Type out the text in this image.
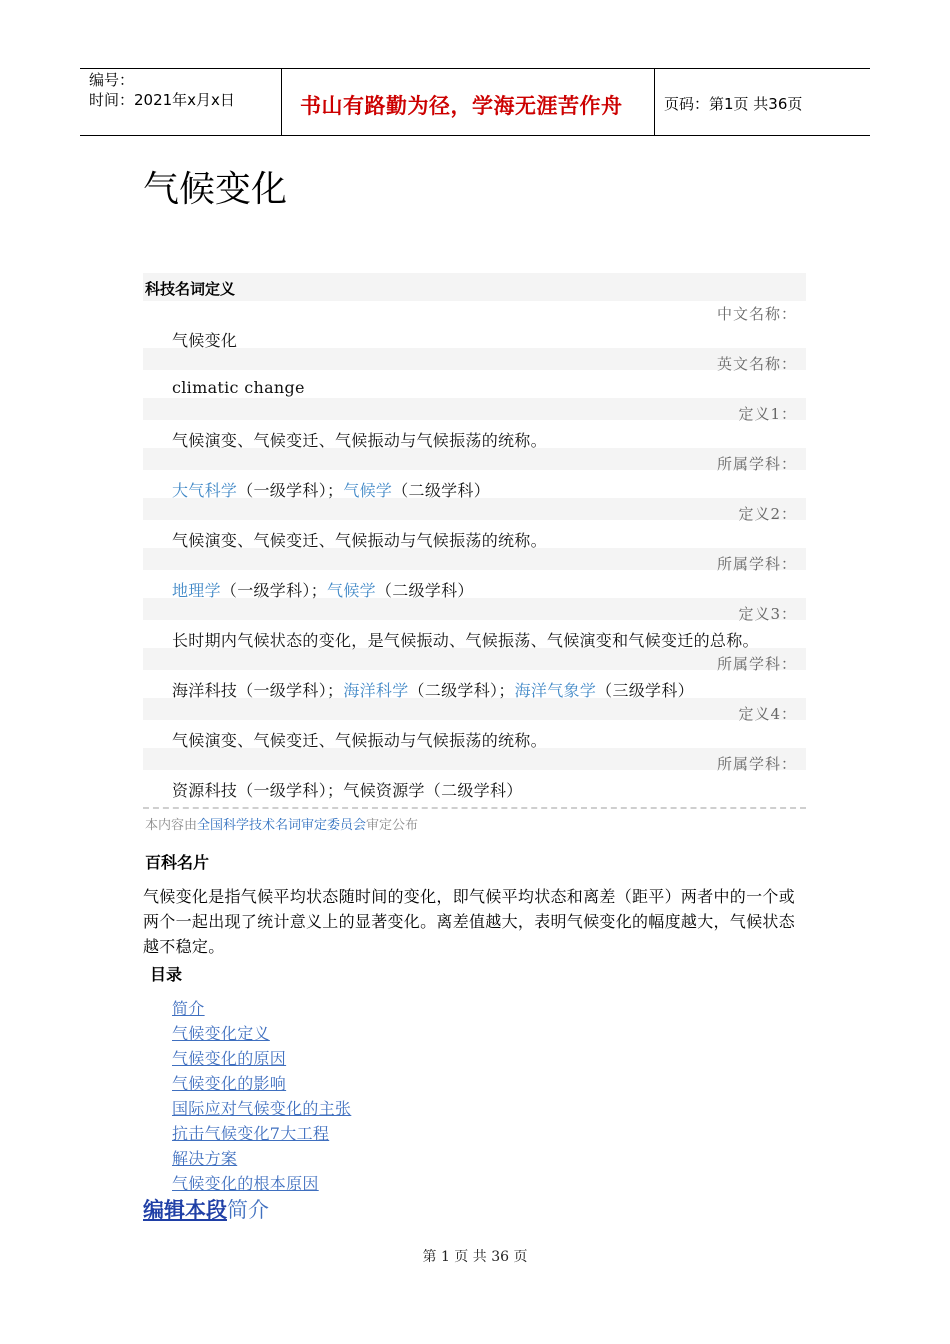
编号：
时间：2021年x月x日	书山有路勤为径，学海无涯苦作舟	页码：第1页 共36页
气候变化
科技名词定义
中文名称：
气候变化
英文名称：
climatic change
定义1：
气候演变、气候变迁、气候振动与气候振荡的统称。
所属学科：
大气科学（一级学科）；气候学（二级学科）
定义2：
气候演变、气候变迁、气候振动与气候振荡的统称。
所属学科：
地理学（一级学科）；气候学（二级学科）
定义3：
长时期内气候状态的变化，是气候振动、气候振荡、气候演变和气候变迁的总称。
所属学科：
海洋科技（一级学科）；海洋科学（二级学科）；海洋气象学（三级学科）
定义4：
气候演变、气候变迁、气候振动与气候振荡的统称。
所属学科：
资源科技（一级学科）；气候资源学（二级学科）
本内容由全国科学技术名词审定委员会审定公布
百科名片
气候变化是指气候平均状态随时间的变化，即气候平均状态和离差（距平）两者中的一个或两个一起出现了统计意义上的显著变化。离差值越大，表明气候变化的幅度越大，气候状态越不稳定。
目录
简介
气候变化定义
气候变化的原因
气候变化的影响
国际应对气候变化的主张
抗击气候变化7大工程
解决方案
气候变化的根本原因
编辑本段简介
第 1 页 共 36 页
